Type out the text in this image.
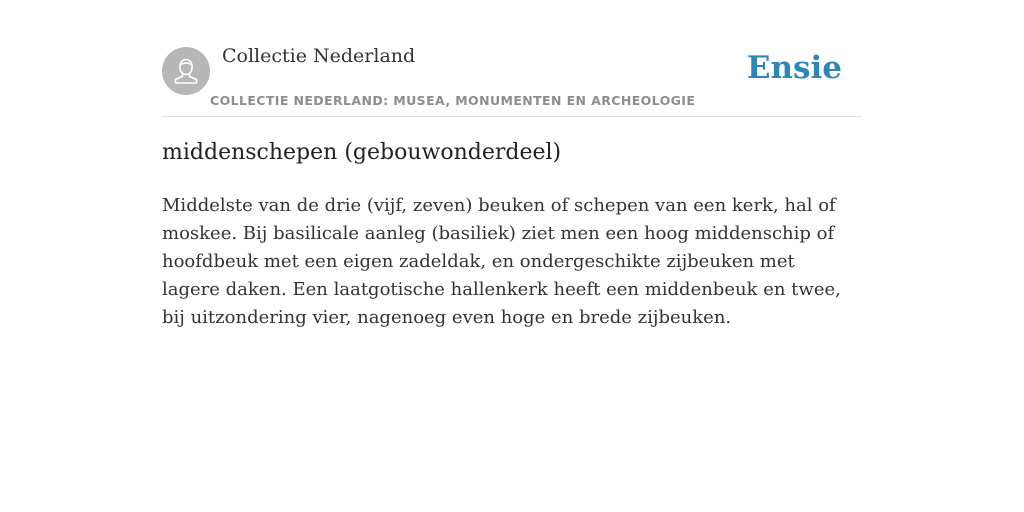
Collectie Nederland
COLLECTIE NEDERLAND: MUSEA, MONUMENTEN EN ARCHEOLOGIE
Ensie
middenschepen (gebouwonderdeel)

Middelste van de drie (vijf, zeven) beuken of schepen van een kerk, hal of moskee. Bij basilicale aanleg (basiliek) ziet men een hoog middenschip of hoofdbeuk met een eigen zadeldak, en ondergeschikte zijbeuken met lagere daken. Een laatgotische hallenkerk heeft een middenbeuk en twee, bij uitzondering vier, nagenoeg even hoge en brede zijbeuken.
